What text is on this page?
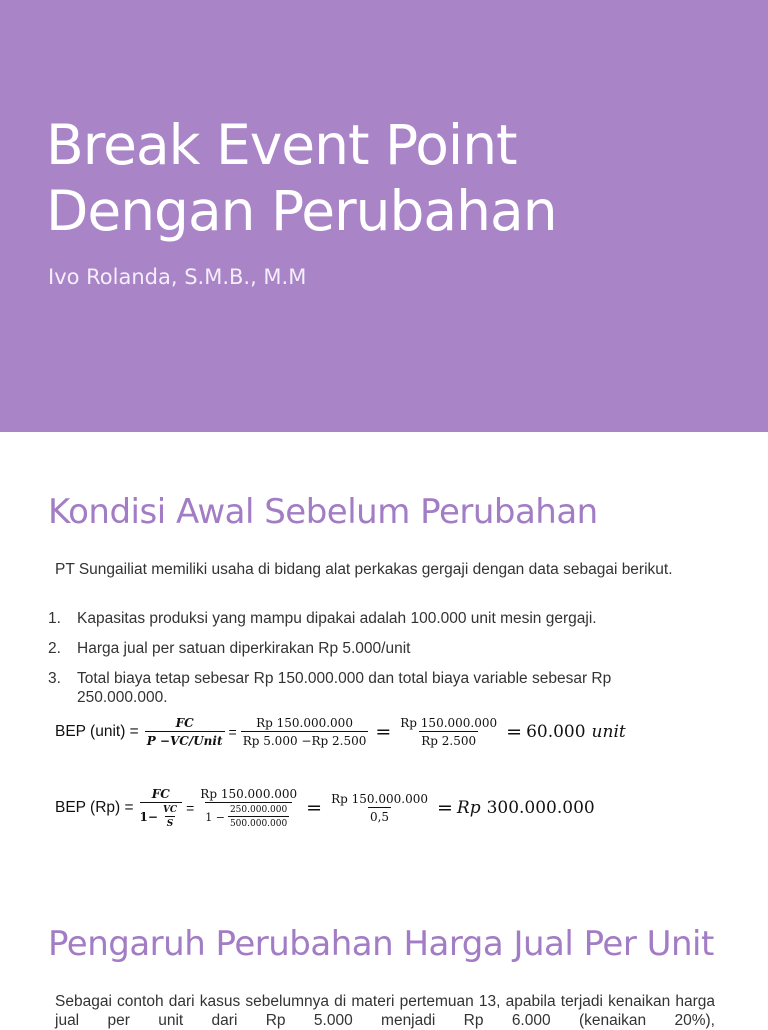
Break Event Point
Dengan Perubahan

Ivo Rolanda, S.M.B., M.M

Kondisi Awal Sebelum Perubahan

PT Sungailiat memiliki usaha di bidang alat perkakas gergaji dengan data sebagai berikut.

1.	Kapasitas produksi yang mampu dipakai adalah 100.000 unit mesin gergaji.
2.	Harga jual per satuan diperkirakan Rp 5.000/unit
3.	Total biaya tetap sebesar Rp 150.000.000 dan total biaya variable sebesar Rp 250.000.000.
BEP (unit) = $\frac{FC}{\text{P −VC/Unit}} = \frac{Rp 150.000.000}{Rp 5.000 -Rp 2.500} = \frac{Rp 150.000.000}{Rp 2.500} = 60.000$ unit
BEP $(Rp) = \frac{FC}{1- \frac{VC}{S}} = \frac{Rp 150.000.000}{1 - \frac{250.000.000}{500.000.000}} = \frac{Rp 150.000.000}{0,5} = Rp$ 300.000.000
Pengaruh Perubahan Harga Jual Per Unit

Sebagai contoh dari kasus sebelumnya di materi pertemuan 13, apabila terjadi kenaikan harga jual per unit dari Rp 5.000 menjadi Rp 6.000 (kenaikan 20%),
